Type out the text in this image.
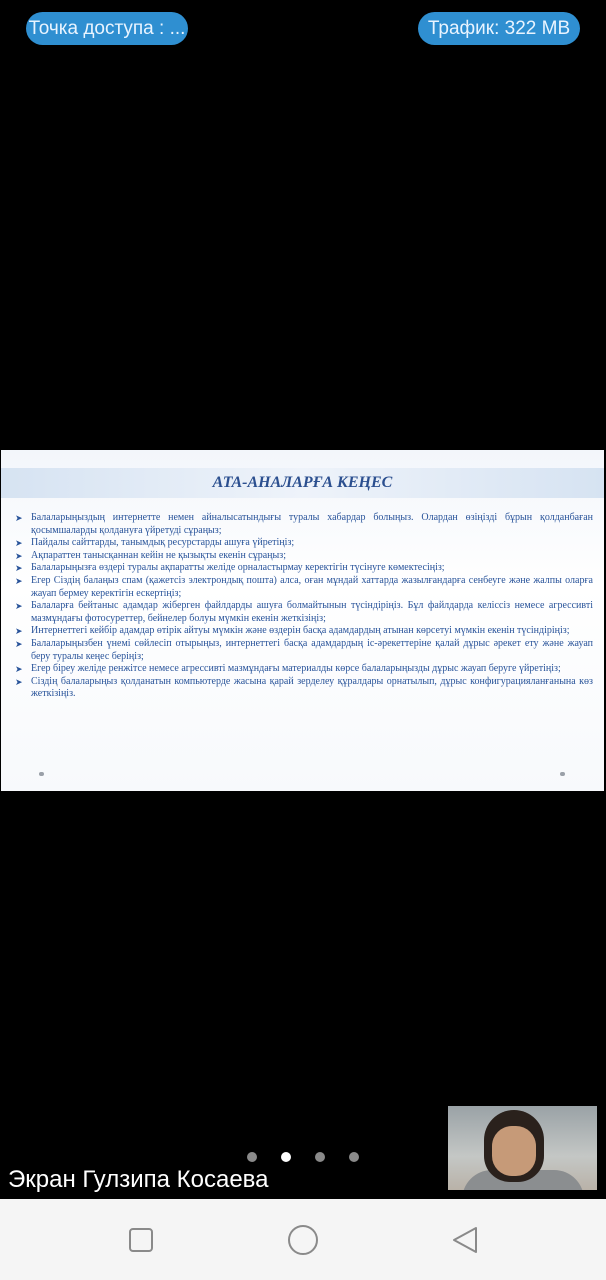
Точка доступа : ...	Трафик: 322 MB
АТА-АНАЛАРҒА КЕҢЕС
➤ Балаларыңыздың интернетте немен айналысатындығы туралы хабардар болыңыз. Олардан өзіңізді бұрын қолданбаған қосымшаларды қолдануға үйретуді сұраңыз;
➤ Пайдалы сайттарды, танымдық ресурстарды ашуға үйретіңіз;
➤ Ақпараттен танысқаннан кейін не қызықты екенін сұраңыз;
➤ Балаларыңызға өздері туралы ақпаратты желіде орналастырмау керектігін түсінуге көмектесіңіз;
➤ Егер Сіздің балаңыз спам (қажетсіз электрондық пошта) алса, оған мұндай хаттарда жазылғандарға сенбеуге және жалпы оларға жауап бермеу керектігін ескертіңіз;
➤ Балаларға бейтаныс адамдар жіберген файлдарды ашуға болмайтынын түсіндіріңіз. Бұл файлдарда келіссіз немесе агрессивті мазмұндағы фотосуреттер, бейнелер болуы мүмкін екенін жеткізіңіз;
➤ Интернеттегі кейбір адамдар өтірік айтуы мүмкін және өздерін басқа адамдардың атынан көрсетуі мүмкін екенін түсіндіріңіз;
➤ Балаларыңызбен үнемі сөйлесіп отырыңыз, интернеттегі басқа адамдардың іс-әрекеттеріне қалай дұрыс әрекет ету және жауап беру туралы кеңес беріңіз;
➤ Егер біреу желіде ренжітсе немесе агрессивті мазмұндағы материалды көрсе балаларыңызды дұрыс жауап беруге үйретіңіз;
➤ Сіздің балаларыңыз қолданатын компьютерде жасына қарай зерделеу құралдары орнатылып, дұрыс конфигурацияланғанына көз жеткізіңіз.
Экран Гулзипа Косаева
